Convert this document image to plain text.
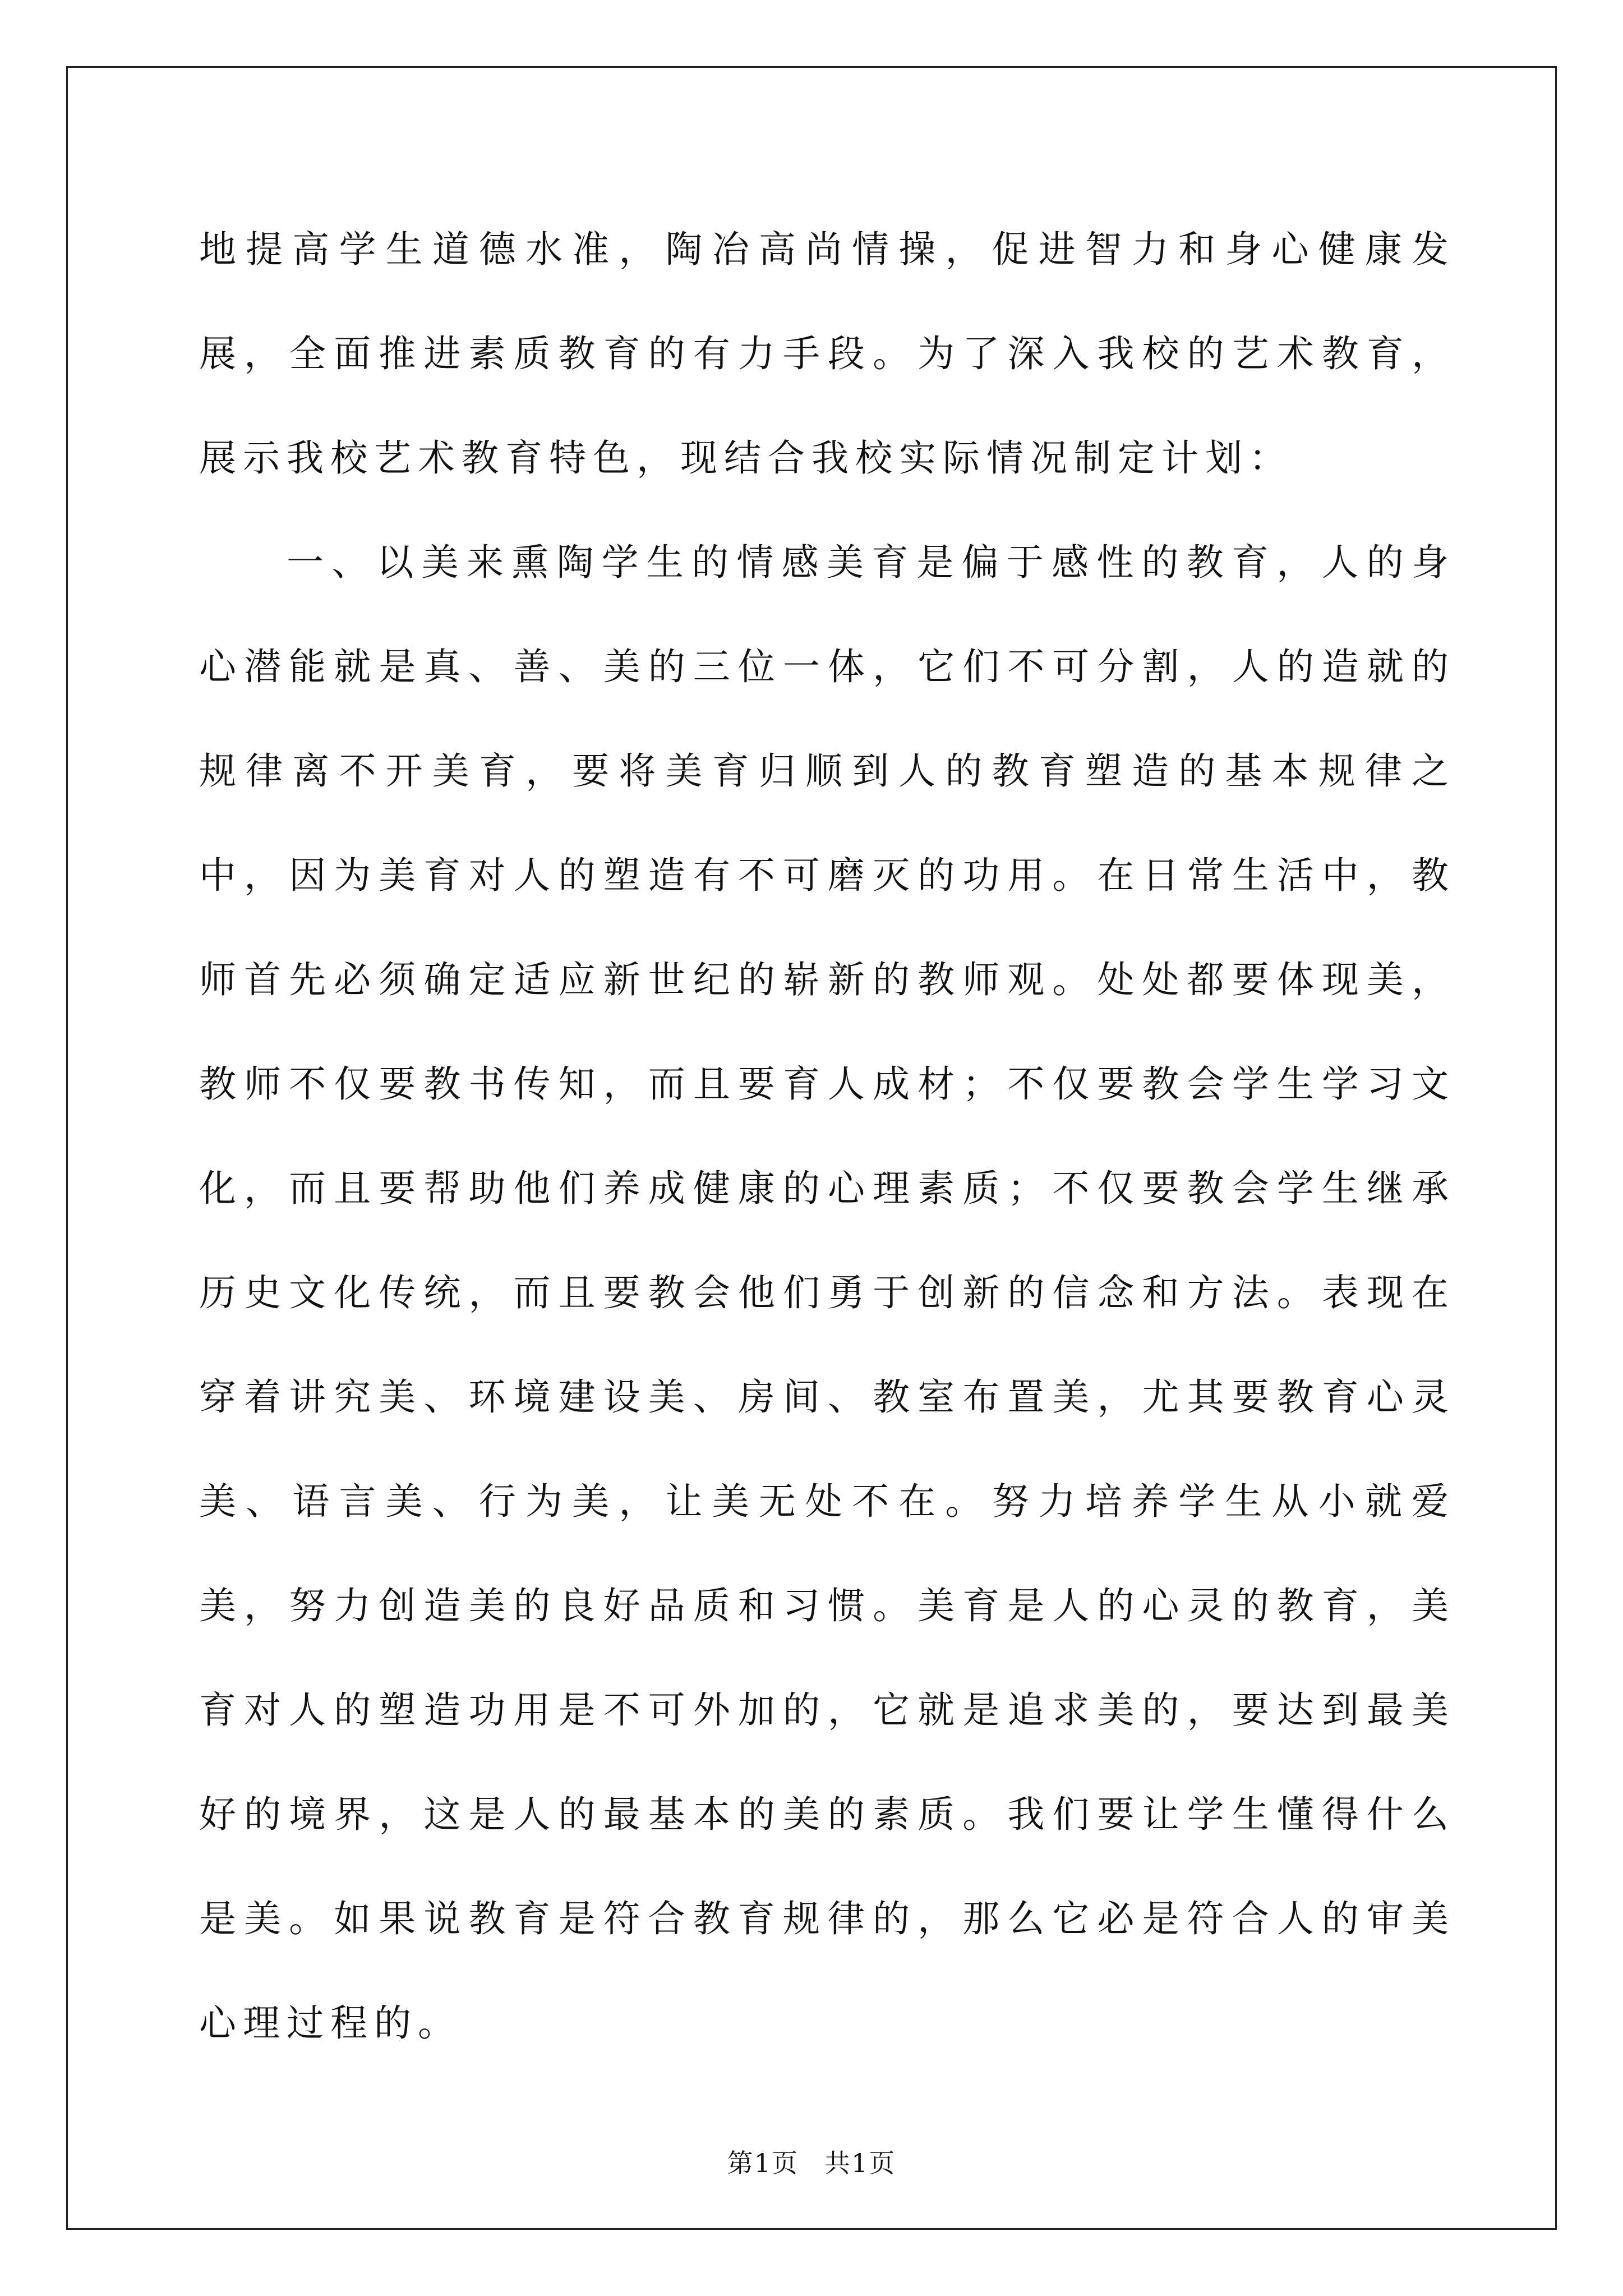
地提高学生道德水准，陶冶高尚情操，促进智力和身心健康发展，全面推进素质教育的有力手段。为了深入我校的艺术教育，展示我校艺术教育特色，现结合我校实际情况制定计划：

一、以美来熏陶学生的情感美育是偏于感性的教育，人的身心潜能就是真、善、美的三位一体，它们不可分割，人的造就的规律离不开美育，要将美育归顺到人的教育塑造的基本规律之中，因为美育对人的塑造有不可磨灭的功用。在日常生活中，教师首先必须确定适应新世纪的崭新的教师观。处处都要体现美，教师不仅要教书传知，而且要育人成材；不仅要教会学生学习文化，而且要帮助他们养成健康的心理素质；不仅要教会学生继承历史文化传统，而且要教会他们勇于创新的信念和方法。表现在穿着讲究美、环境建设美、房间、教室布置美，尤其要教育心灵美、语言美、行为美，让美无处不在。努力培养学生从小就爱美，努力创造美的良好品质和习惯。美育是人的心灵的教育，美育对人的塑造功用是不可外加的，它就是追求美的，要达到最美好的境界，这是人的最基本的美的素质。我们要让学生懂得什么是美。如果说教育是符合教育规律的，那么它必是符合人的审美心理过程的。

第1页 共1页
